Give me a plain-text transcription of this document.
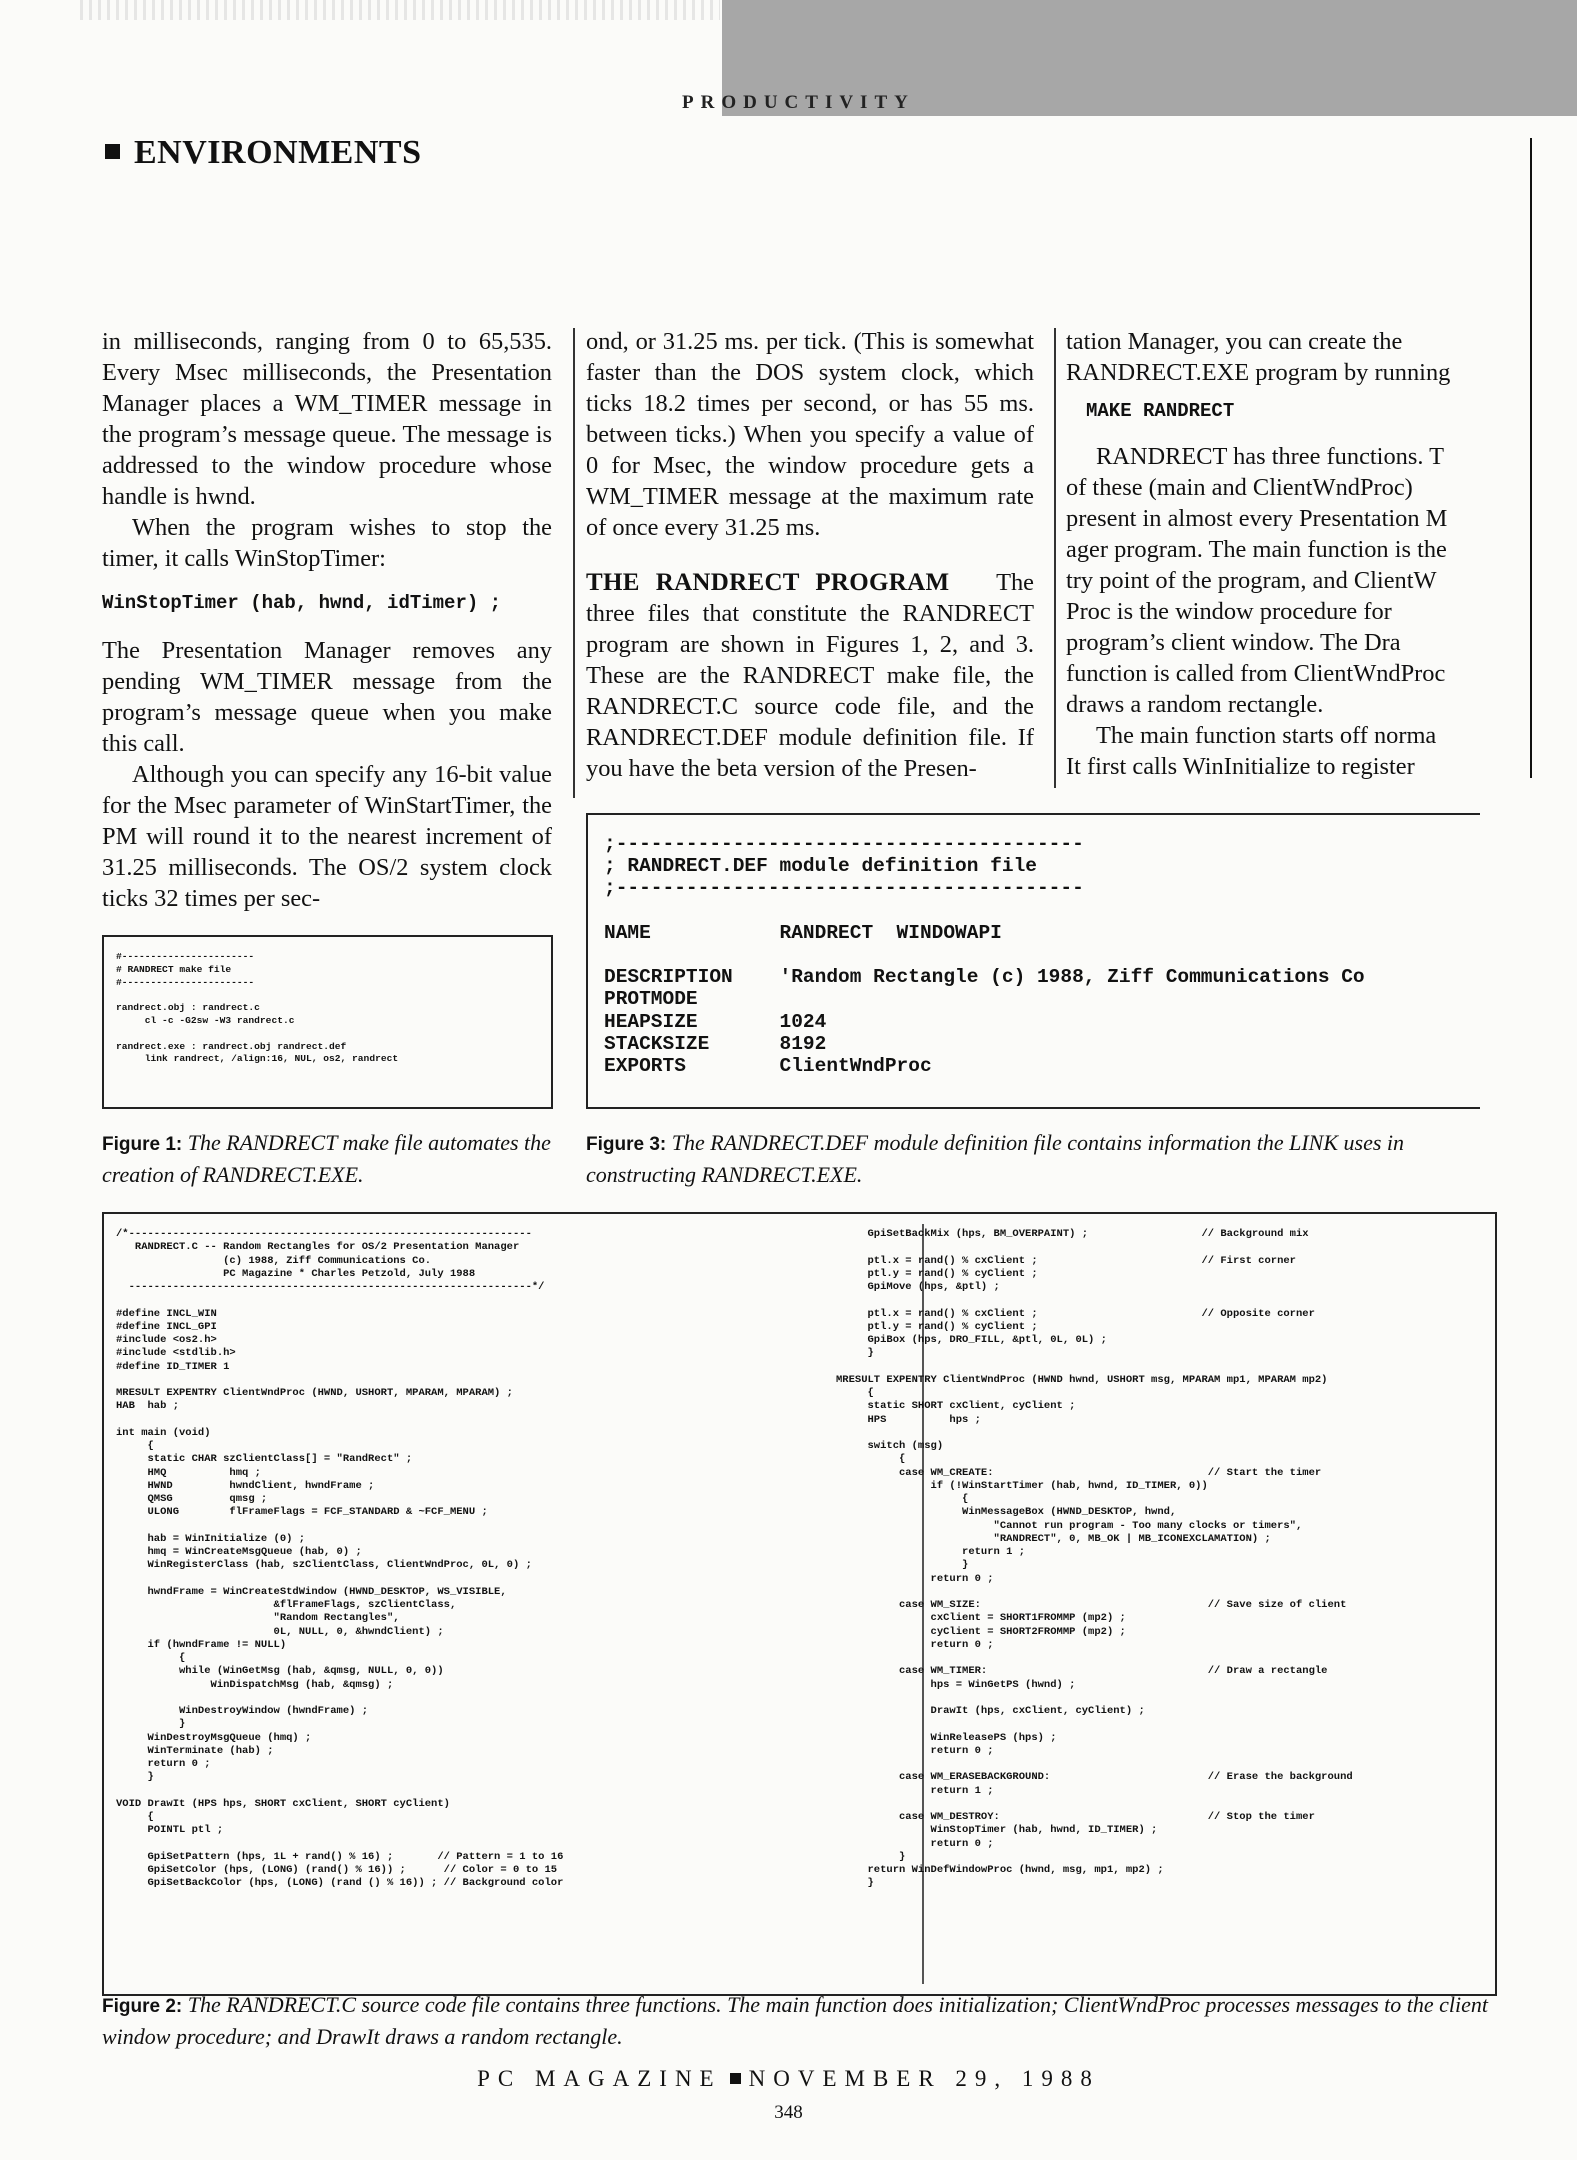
PRODUCTIVITY
ENVIRONMENTS

in milliseconds, ranging from 0 to 65,535. Every Msec milliseconds, the Presentation Manager places a WM_TIMER message in the program’s message queue. The message is addressed to the window procedure whose handle is hwnd.

When the program wishes to stop the timer, it calls WinStopTimer:

WinStopTimer (hab, hwnd, idTimer) ;

The Presentation Manager removes any pending WM_TIMER message from the program’s message queue when you make this call.

Although you can specify any 16-bit value for the Msec parameter of WinStartTimer, the PM will round it to the nearest increment of 31.25 milliseconds. The OS/2 system clock ticks 32 times per sec-

ond, or 31.25 ms. per tick. (This is somewhat faster than the DOS system clock, which ticks 18.2 times per second, or has 55 ms. between ticks.) When you specify a value of 0 for Msec, the window procedure gets a WM_TIMER message at the maximum rate of once every 31.25 ms.

THE RANDRECT PROGRAM The three files that constitute the RANDRECT program are shown in Figures 1, 2, and 3. These are the RANDRECT make file, the RANDRECT.C source code file, and the RANDRECT.DEF module definition file. If you have the beta version of the Presen-

tation Manager, you can create the RANDRECT.EXE program by running

MAKE RANDRECT

RANDRECT has three functions. T

of these (main and ClientWndProc)

present in almost every Presentation M

ager program. The main function is the

try point of the program, and ClientW

Proc is the window procedure for

program’s client window. The Dra

function is called from ClientWndProc

draws a random rectangle.

The main function starts off norma

It first calls WinInitialize to register

#-----------------------
# RANDRECT make file
#-----------------------

randrect.obj : randrect.c
cl -c -G2sw -W3 randrect.c

randrect.exe : randrect.obj randrect.def
link randrect, /align:16, NUL, os2, randrect
Figure 1: The RANDRECT make file automates the creation of RANDRECT.EXE.
;----------------------------------------
; RANDRECT.DEF module definition file
;----------------------------------------

NAME           RANDRECT  WINDOWAPI

DESCRIPTION    'Random Rectangle (c) 1988, Ziff Communications Co
PROTMODE
HEAPSIZE       1024
STACKSIZE      8192
EXPORTS        ClientWndProc
Figure 3: The RANDRECT.DEF module definition file contains information the LINK uses in constructing RANDRECT.EXE.
/*----------------------------------------------------------------
RANDRECT.C -- Random Rectangles for OS/2 Presentation Manager
(c) 1988, Ziff Communications Co.
PC Magazine * Charles Petzold, July 1988
----------------------------------------------------------------*/

#define INCL_WIN
#define INCL_GPI
#include <os2.h>
#include <stdlib.h>
#define ID_TIMER 1

MRESULT EXPENTRY ClientWndProc (HWND, USHORT, MPARAM, MPARAM) ;
HAB  hab ;

int main (void)
{
static CHAR szClientClass[] = "RandRect" ;
HMQ          hmq ;
HWND         hwndClient, hwndFrame ;
QMSG         qmsg ;
ULONG        flFrameFlags = FCF_STANDARD & ~FCF_MENU ;

hab = WinInitialize (0) ;
hmq = WinCreateMsgQueue (hab, 0) ;
WinRegisterClass (hab, szClientClass, ClientWndProc, 0L, 0) ;

hwndFrame = WinCreateStdWindow (HWND_DESKTOP, WS_VISIBLE,
&flFrameFlags, szClientClass,
"Random Rectangles",
0L, NULL, 0, &hwndClient) ;
if (hwndFrame != NULL)
{
while (WinGetMsg (hab, &qmsg, NULL, 0, 0))
WinDispatchMsg (hab, &qmsg) ;

WinDestroyWindow (hwndFrame) ;
}
WinDestroyMsgQueue (hmq) ;
WinTerminate (hab) ;
return 0 ;
}

VOID DrawIt (HPS hps, SHORT cxClient, SHORT cyClient)
{
POINTL ptl ;

GpiSetPattern (hps, 1L + rand() % 16) ;       // Pattern = 1 to 16
GpiSetColor (hps, (LONG) (rand() % 16)) ;      // Color = 0 to 15
GpiSetBackColor (hps, (LONG) (rand () % 16)) ; // Background color
GpiSetBackMix (hps, BM_OVERPAINT) ;                  // Background mix

ptl.x = rand() % cxClient ;                          // First corner
ptl.y = rand() % cyClient ;
GpiMove (hps, &ptl) ;

ptl.x = rand() % cxClient ;                          // Opposite corner
ptl.y = rand() % cyClient ;
GpiBox (hps, DRO_FILL, &ptl, 0L, 0L) ;
}

MRESULT EXPENTRY ClientWndProc (HWND hwnd, USHORT msg, MPARAM mp1, MPARAM mp2)
{
static SHORT cxClient, cyClient ;
HPS          hps ;

switch (msg)
{
case WM_CREATE:                                  // Start the timer
if (!WinStartTimer (hab, hwnd, ID_TIMER, 0))
{
WinMessageBox (HWND_DESKTOP, hwnd,
"Cannot run program - Too many clocks or timers",
"RANDRECT", 0, MB_OK | MB_ICONEXCLAMATION) ;
return 1 ;
}
return 0 ;

case WM_SIZE:                                    // Save size of client
cxClient = SHORT1FROMMP (mp2) ;
cyClient = SHORT2FROMMP (mp2) ;
return 0 ;

case WM_TIMER:                                   // Draw a rectangle
hps = WinGetPS (hwnd) ;

DrawIt (hps, cxClient, cyClient) ;

WinReleasePS (hps) ;
return 0 ;

case WM_ERASEBACKGROUND:                         // Erase the background
return 1 ;

case WM_DESTROY:                                 // Stop the timer
WinStopTimer (hab, hwnd, ID_TIMER) ;
return 0 ;
}
return WinDefWindowProc (hwnd, msg, mp1, mp2) ;
}
Figure 2: The RANDRECT.C source code file contains three functions. The main function does initialization; ClientWndProc processes messages to the client window procedure; and DrawIt draws a random rectangle.
PC MAGAZINE NOVEMBER 29, 1988
348
